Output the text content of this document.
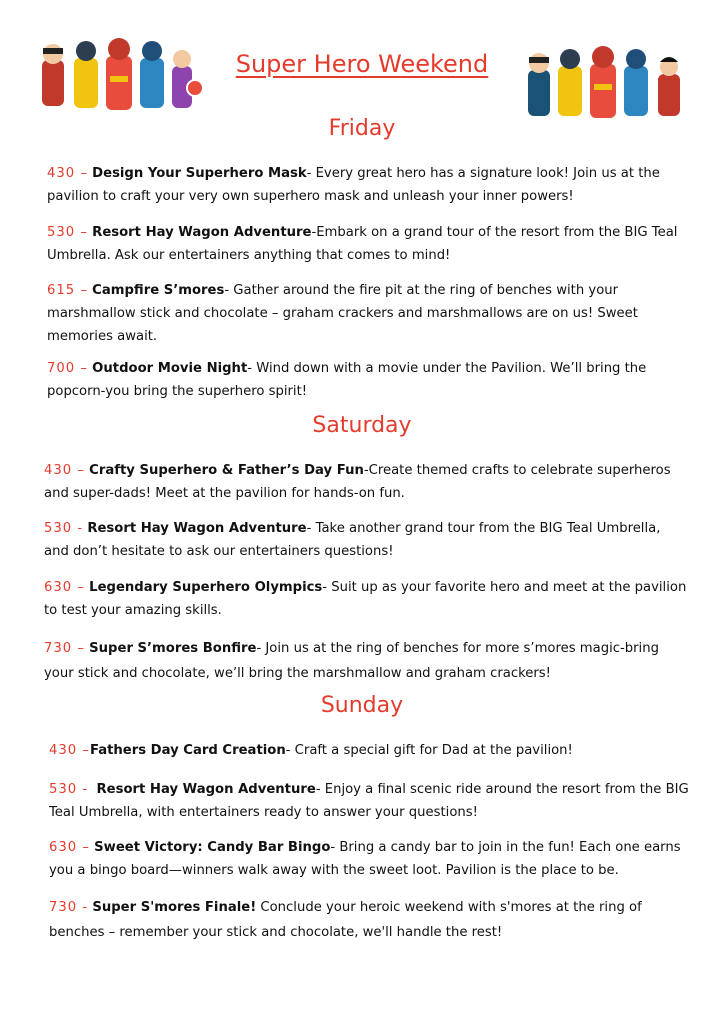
Super Hero Weekend
Friday
430 – Design Your Superhero Mask- Every great hero has a signature look! Join us at the pavilion to craft your very own superhero mask and unleash your inner powers!
530 – Resort Hay Wagon Adventure-Embark on a grand tour of the resort from the BIG Teal Umbrella. Ask our entertainers anything that comes to mind!
615 – Campfire S’mores- Gather around the fire pit at the ring of benches with your marshmallow stick and chocolate – graham crackers and marshmallows are on us! Sweet memories await.
700 – Outdoor Movie Night- Wind down with a movie under the Pavilion. We’ll bring the popcorn-you bring the superhero spirit!
Saturday
430 – Crafty Superhero & Father’s Day Fun-Create themed crafts to celebrate superheros and super-dads! Meet at the pavilion for hands-on fun.
530 - Resort Hay Wagon Adventure- Take another grand tour from the BIG Teal Umbrella, and don’t hesitate to ask our entertainers questions!
630 – Legendary Superhero Olympics- Suit up as your favorite hero and meet at the pavilion to test your amazing skills.
730 – Super S’mores Bonfire- Join us at the ring of benches for more s’mores magic-bring your stick and chocolate, we’ll bring the marshmallow and graham crackers!
Sunday
430 –Fathers Day Card Creation- Craft a special gift for Dad at the pavilion!
530 - Resort Hay Wagon Adventure- Enjoy a final scenic ride around the resort from the BIG Teal Umbrella, with entertainers ready to answer your questions!
630 – Sweet Victory: Candy Bar Bingo- Bring a candy bar to join in the fun! Each one earns you a bingo board—winners walk away with the sweet loot. Pavilion is the place to be.
730 - Super S'mores Finale! Conclude your heroic weekend with s'mores at the ring of benches – remember your stick and chocolate, we'll handle the rest!
